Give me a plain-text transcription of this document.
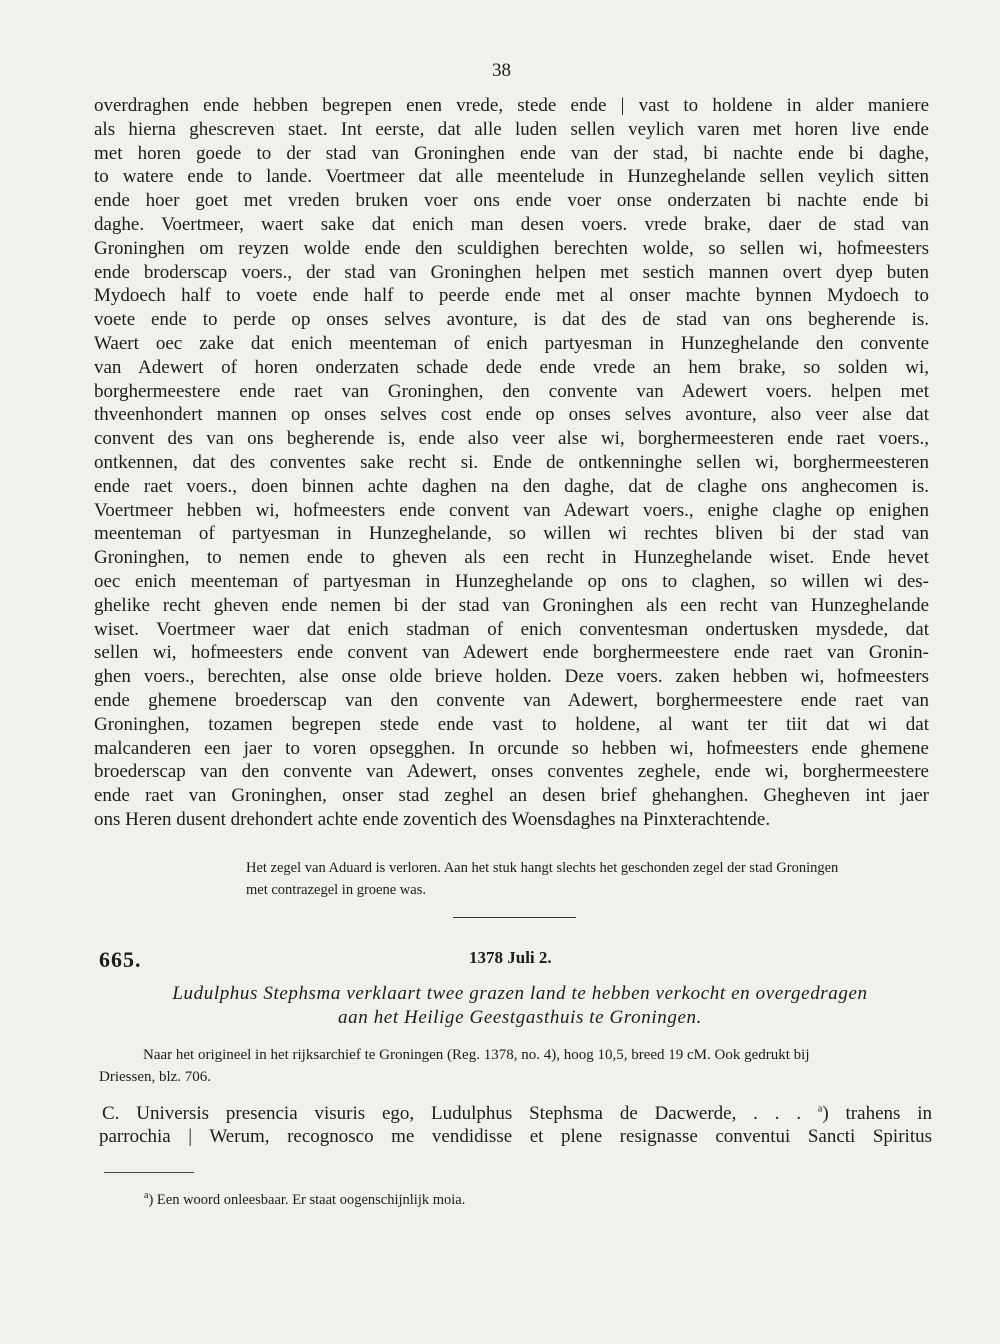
38
overdraghen ende hebben begrepen enen vrede, stede ende | vast to holdene in alder maniere
als hierna ghescreven staet. Int eerste, dat alle luden sellen veylich varen met horen live ende
met horen goede to der stad van Groninghen ende van der stad, bi nachte ende bi daghe,
to watere ende to lande. Voertmeer dat alle meentelude in Hunzeghelande sellen veylich sitten
ende hoer goet met vreden bruken voer ons ende voer onse onderzaten bi nachte ende bi
daghe. Voertmeer, waert sake dat enich man desen voers. vrede brake, daer de stad van
Groninghen om reyzen wolde ende den sculdighen berechten wolde, so sellen wi, hofmeesters
ende broderscap voers., der stad van Groninghen helpen met sestich mannen overt dyep buten
Mydoech half to voete ende half to peerde ende met al onser machte bynnen Mydoech to
voete ende to perde op onses selves avonture, is dat des de stad van ons begherende is.
Waert oec zake dat enich meenteman of enich partyesman in Hunzeghelande den convente
van Adewert of horen onderzaten schade dede ende vrede an hem brake, so solden wi,
borghermeestere ende raet van Groninghen, den convente van Adewert voers. helpen met
thveenhondert mannen op onses selves cost ende op onses selves avonture, also veer alse dat
convent des van ons begherende is, ende also veer alse wi, borghermeesteren ende raet voers.,
ontkennen, dat des conventes sake recht si. Ende de ontkenninghe sellen wi, borghermeesteren
ende raet voers., doen binnen achte daghen na den daghe, dat de claghe ons anghecomen is.
Voertmeer hebben wi, hofmeesters ende convent van Adewart voers., enighe claghe op enighen
meenteman of partyesman in Hunzeghelande, so willen wi rechtes bliven bi der stad van
Groninghen, to nemen ende to gheven als een recht in Hunzeghelande wiset. Ende hevet
oec enich meenteman of partyesman in Hunzeghelande op ons to claghen, so willen wi des-
ghelike recht gheven ende nemen bi der stad van Groninghen als een recht van Hunzeghelande
wiset. Voertmeer waer dat enich stadman of enich conventesman ondertusken mysdede, dat
sellen wi, hofmeesters ende convent van Adewert ende borghermeestere ende raet van Gronin-
ghen voers., berechten, alse onse olde brieve holden. Deze voers. zaken hebben wi, hofmeesters
ende ghemene broederscap van den convente van Adewert, borghermeestere ende raet van
Groninghen, tozamen begrepen stede ende vast to holdene, al want ter tiit dat wi dat
malcanderen een jaer to voren opsegghen. In orcunde so hebben wi, hofmeesters ende ghemene
broederscap van den convente van Adewert, onses conventes zeghele, ende wi, borghermeestere
ende raet van Groninghen, onser stad zeghel an desen brief ghehanghen. Ghegheven int jaer
ons Heren dusent drehondert achte ende zoventich des Woensdaghes na Pinxterachtende.
Het zegel van Aduard is verloren. Aan het stuk hangt slechts het geschonden zegel der stad Groningen
met contrazegel in groene was.
665.	1378 Juli 2.
Ludulphus Stephsma verklaart twee grazen land te hebben verkocht en overgedragen
aan het Heilige Geestgasthuis te Groningen.
Naar het origineel in het rijksarchief te Groningen (Reg. 1378, no. 4), hoog 10,5, breed 19 cM. Ook gedrukt bij
Driessen, blz. 706.
C. Universis presencia visuris ego, Ludulphus Stephsma de Dacwerde, . . . $^a$) trahens in
parrochia | Werum, recognosco me vendidisse et plene resignasse conventui Sancti Spiritus
$^a$) Een woord onleesbaar. Er staat oogenschijnlijk moia.
